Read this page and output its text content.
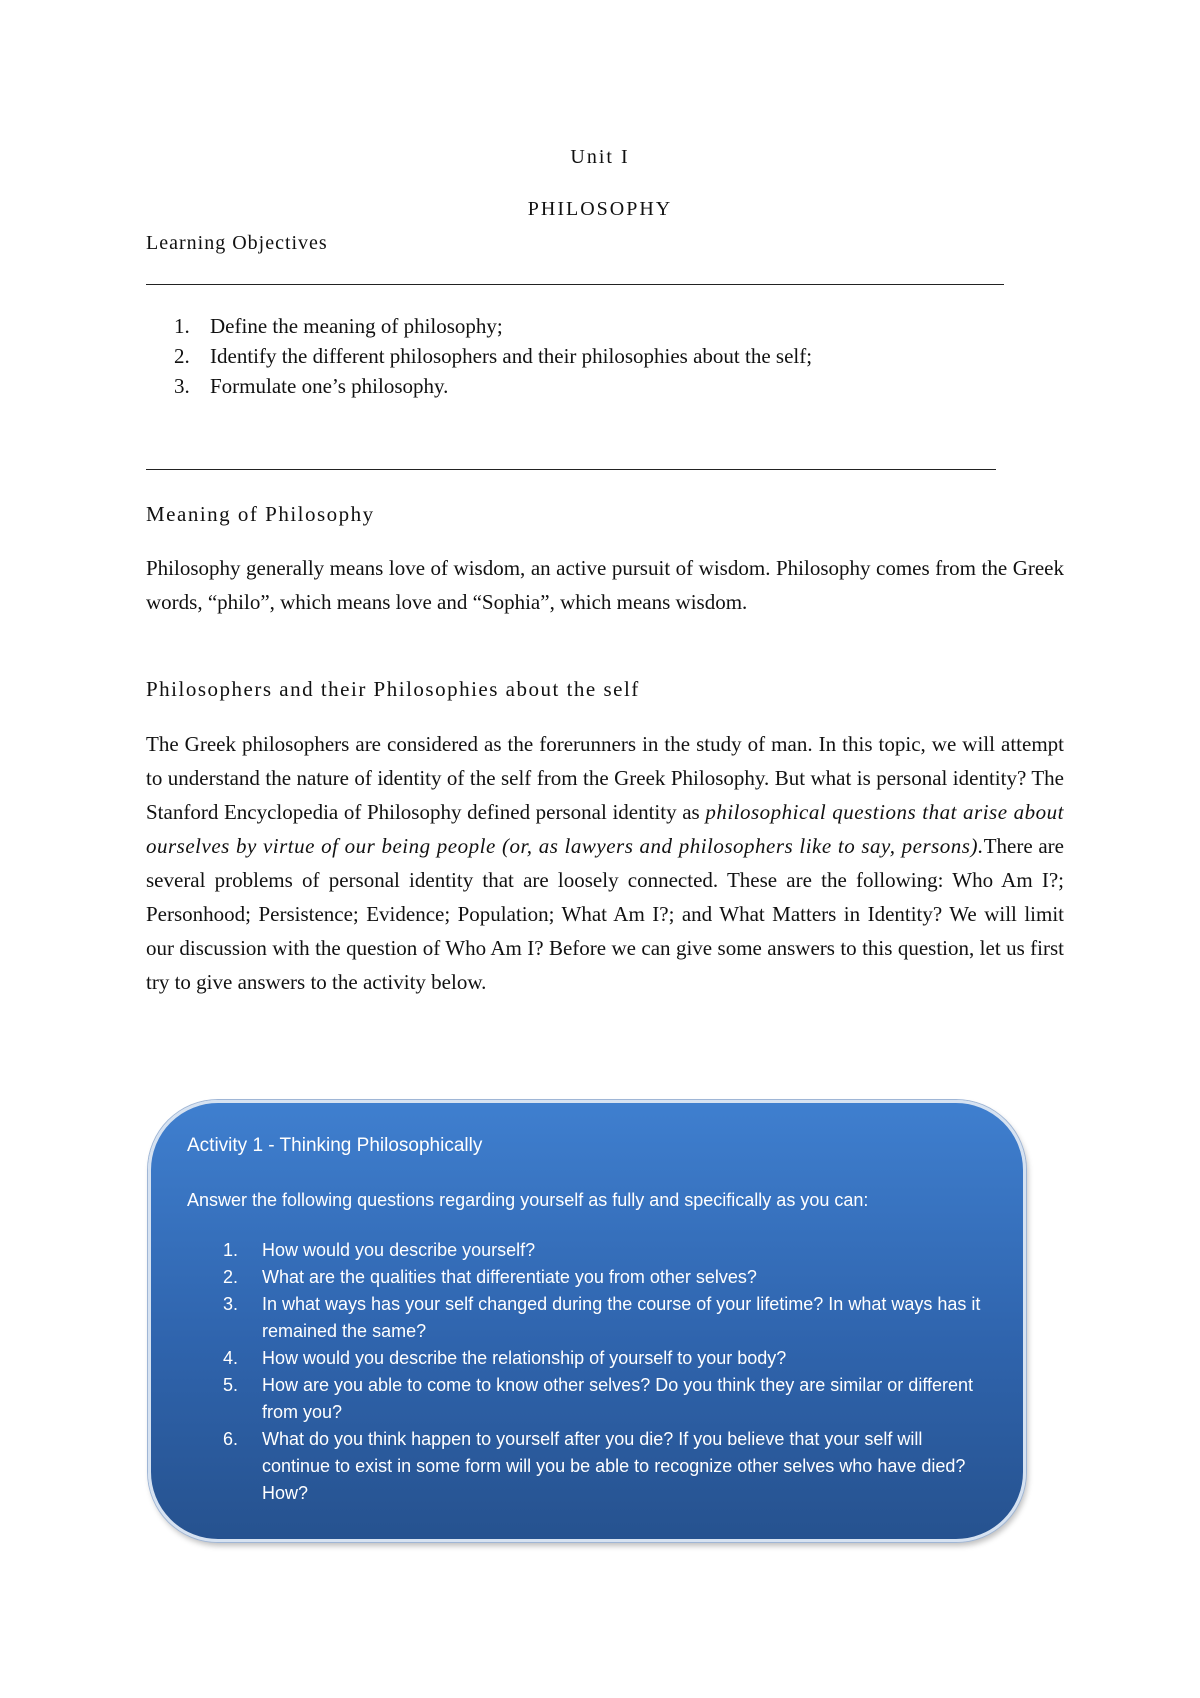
Unit I
PHILOSOPHY
Learning Objectives
1. Define the meaning of philosophy;
2. Identify the different philosophers and their philosophies about the self;
3. Formulate one’s philosophy.
Meaning of Philosophy

Philosophy generally means love of wisdom, an active pursuit of wisdom. Philosophy comes from the Greek words, “philo”, which means love and “Sophia”, which means wisdom.

Philosophers and their Philosophies about the self

The Greek philosophers are considered as the forerunners in the study of man. In this topic, we will attempt to understand the nature of identity of the self from the Greek Philosophy. But what is personal identity? The Stanford Encyclopedia of Philosophy defined personal identity as philosophical questions that arise about ourselves by virtue of our being people (or, as lawyers and philosophers like to say, persons).There are several problems of personal identity that are loosely connected. These are the following: Who Am I?; Personhood; Persistence; Evidence; Population; What Am I?; and What Matters in Identity? We will limit our discussion with the question of Who Am I? Before we can give some answers to this question, let us first try to give answers to the activity below.

Activity 1 - Thinking Philosophically
Answer the following questions regarding yourself as fully and specifically as you can:
1. How would you describe yourself?
2. What are the qualities that differentiate you from other selves?
3. In what ways has your self changed during the course of your lifetime? In what ways has it remained the same?
4. How would you describe the relationship of yourself to your body?
5. How are you able to come to know other selves? Do you think they are similar or different from you?
6. What do you think happen to yourself after you die? If you believe that your self will continue to exist in some form will you be able to recognize other selves who have died? How?
